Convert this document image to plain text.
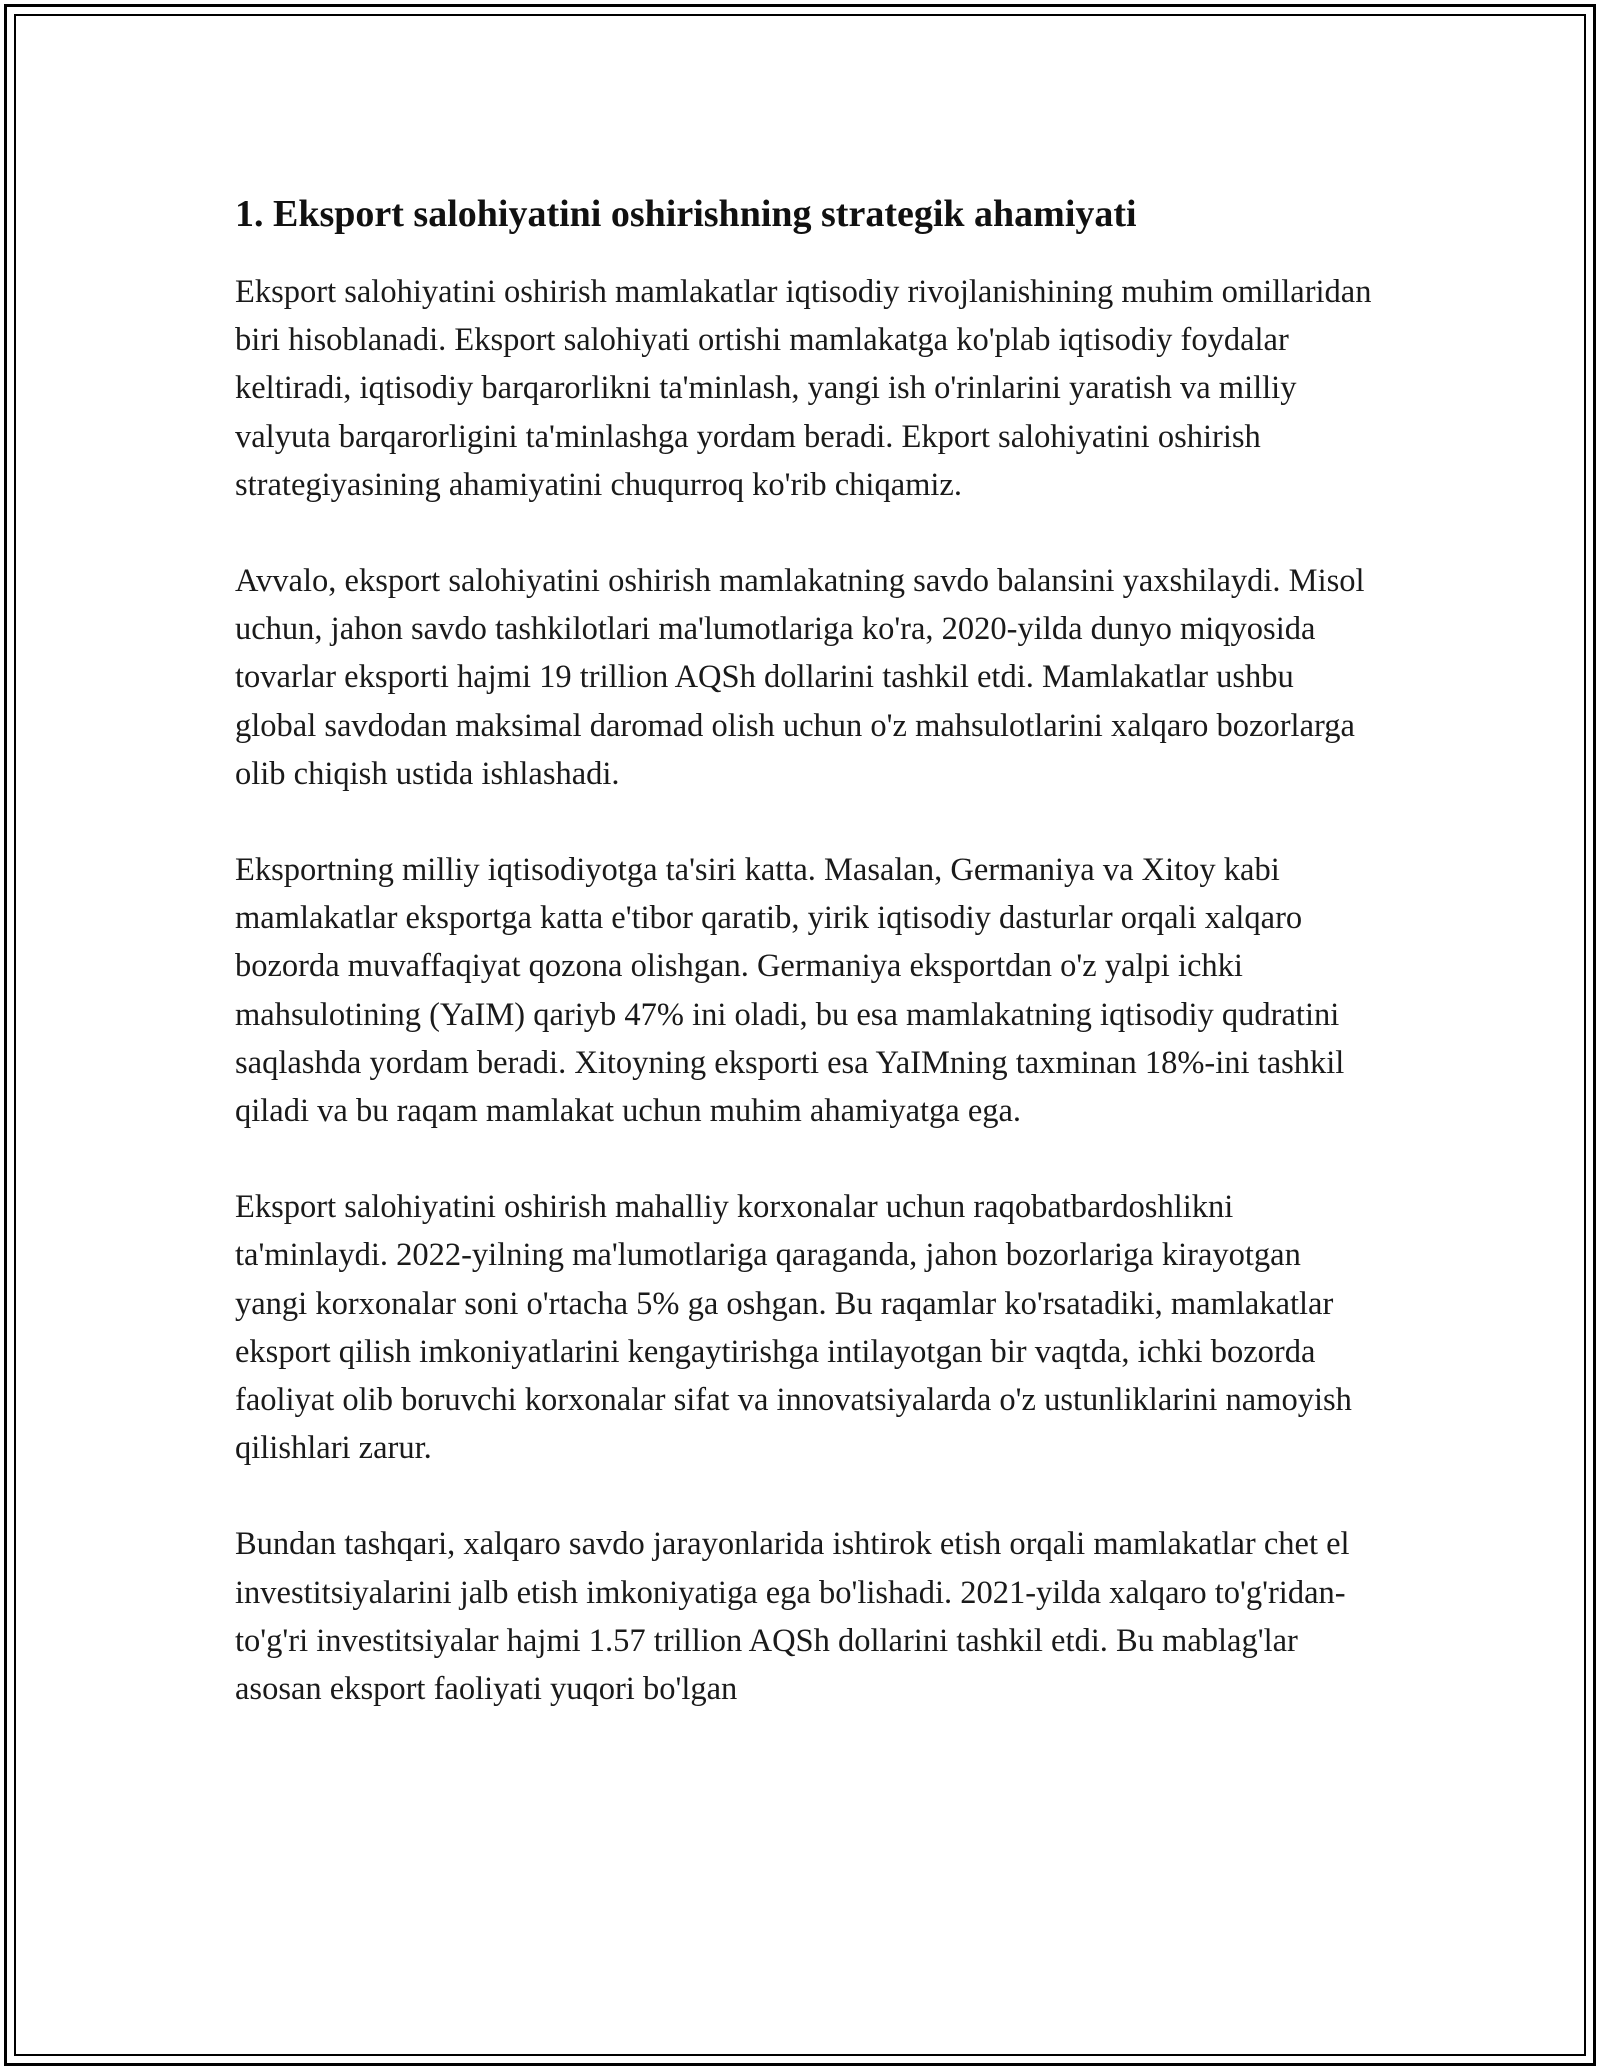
1. Eksport salohiyatini oshirishning strategik ahamiyati

Eksport salohiyatini oshirish mamlakatlar iqtisodiy rivojlanishining muhim omillaridan biri hisoblanadi. Eksport salohiyati ortishi mamlakatga ko'plab iqtisodiy foydalar keltiradi, iqtisodiy barqarorlikni ta'minlash, yangi ish o'rinlarini yaratish va milliy valyuta barqarorligini ta'minlashga yordam beradi. Ekport salohiyatini oshirish strategiyasining ahamiyatini chuqurroq ko'rib chiqamiz.

Avvalo, eksport salohiyatini oshirish mamlakatning savdo balansini yaxshilaydi. Misol uchun, jahon savdo tashkilotlari ma'lumotlariga ko'ra, 2020-yilda dunyo miqyosida tovarlar eksporti hajmi 19 trillion AQSh dollarini tashkil etdi. Mamlakatlar ushbu global savdodan maksimal daromad olish uchun o'z mahsulotlarini xalqaro bozorlarga olib chiqish ustida ishlashadi.

Eksportning milliy iqtisodiyotga ta'siri katta. Masalan, Germaniya va Xitoy kabi mamlakatlar eksportga katta e'tibor qaratib, yirik iqtisodiy dasturlar orqali xalqaro bozorda muvaffaqiyat qozona olishgan. Germaniya eksportdan o'z yalpi ichki mahsulotining (YaIM) qariyb 47% ini oladi, bu esa mamlakatning iqtisodiy qudratini saqlashda yordam beradi. Xitoyning eksporti esa YaIMning taxminan 18%-ini tashkil qiladi va bu raqam mamlakat uchun muhim ahamiyatga ega.

Eksport salohiyatini oshirish mahalliy korxonalar uchun raqobatbardoshlikni ta'minlaydi. 2022-yilning ma'lumotlariga qaraganda, jahon bozorlariga kirayotgan yangi korxonalar soni o'rtacha 5% ga oshgan. Bu raqamlar ko'rsatadiki, mamlakatlar eksport qilish imkoniyatlarini kengaytirishga intilayotgan bir vaqtda, ichki bozorda faoliyat olib boruvchi korxonalar sifat va innovatsiyalarda o'z ustunliklarini namoyish qilishlari zarur.

Bundan tashqari, xalqaro savdo jarayonlarida ishtirok etish orqali mamlakatlar chet el investitsiyalarini jalb etish imkoniyatiga ega bo'lishadi. 2021-yilda xalqaro to'g'ridan-to'g'ri investitsiyalar hajmi 1.57 trillion AQSh dollarini tashkil etdi. Bu mablag'lar asosan eksport faoliyati yuqori bo'lgan
